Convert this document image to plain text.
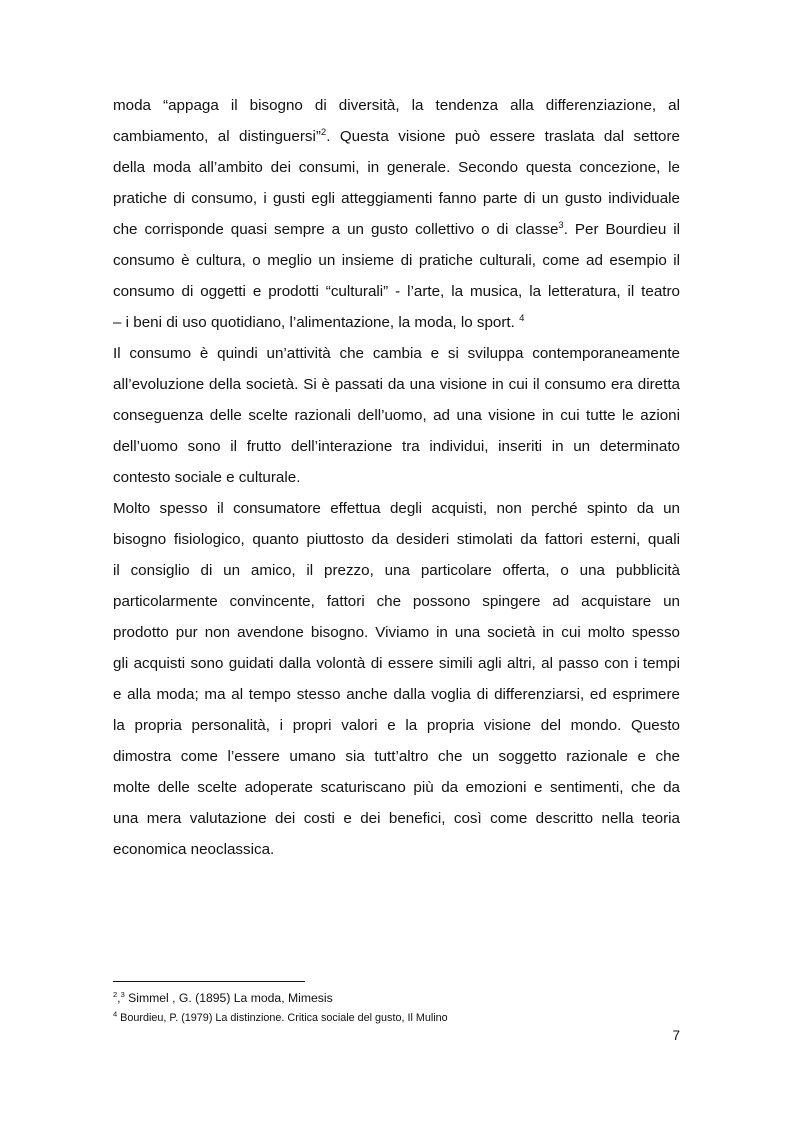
moda “appaga il bisogno di diversità, la tendenza alla differenziazione, al
cambiamento, al distinguersi”$^2$. Questa visione può essere traslata dal settore
della moda all’ambito dei consumi, in generale. Secondo questa concezione, le
pratiche di consumo, i gusti egli atteggiamenti fanno parte di un gusto individuale
che corrisponde quasi sempre a un gusto collettivo o di classe$^3$. Per Bourdieu il
consumo è cultura, o meglio un insieme di pratiche culturali, come ad esempio il
consumo di oggetti e prodotti “culturali” - l’arte, la musica, la letteratura, il teatro
– i beni di uso quotidiano, l’alimentazione, la moda, lo sport. $^4$
Il consumo è quindi un’attività che cambia e si sviluppa contemporaneamente
all’evoluzione della società. Si è passati da una visione in cui il consumo era diretta
conseguenza delle scelte razionali dell’uomo, ad una visione in cui tutte le azioni
dell’uomo sono il frutto dell’interazione tra individui, inseriti in un determinato
contesto sociale e culturale.
Molto spesso il consumatore effettua degli acquisti, non perché spinto da un
bisogno fisiologico, quanto piuttosto da desideri stimolati da fattori esterni, quali
il consiglio di un amico, il prezzo, una particolare offerta, o una pubblicità
particolarmente convincente, fattori che possono spingere ad acquistare un
prodotto pur non avendone bisogno. Viviamo in una società in cui molto spesso
gli acquisti sono guidati dalla volontà di essere simili agli altri, al passo con i tempi
e alla moda; ma al tempo stesso anche dalla voglia di differenziarsi, ed esprimere
la propria personalità, i propri valori e la propria visione del mondo. Questo
dimostra come l’essere umano sia tutt’altro che un soggetto razionale e che
molte delle scelte adoperate scaturiscano più da emozioni e sentimenti, che da
una mera valutazione dei costi e dei benefici, così come descritto nella teoria
economica neoclassica.
$^2$,$^3$ Simmel , G. (1895) La moda, Mimesis
$^4$ Bourdieu, P. (1979) La distinzione. Critica sociale del gusto, Il Mulino
7
